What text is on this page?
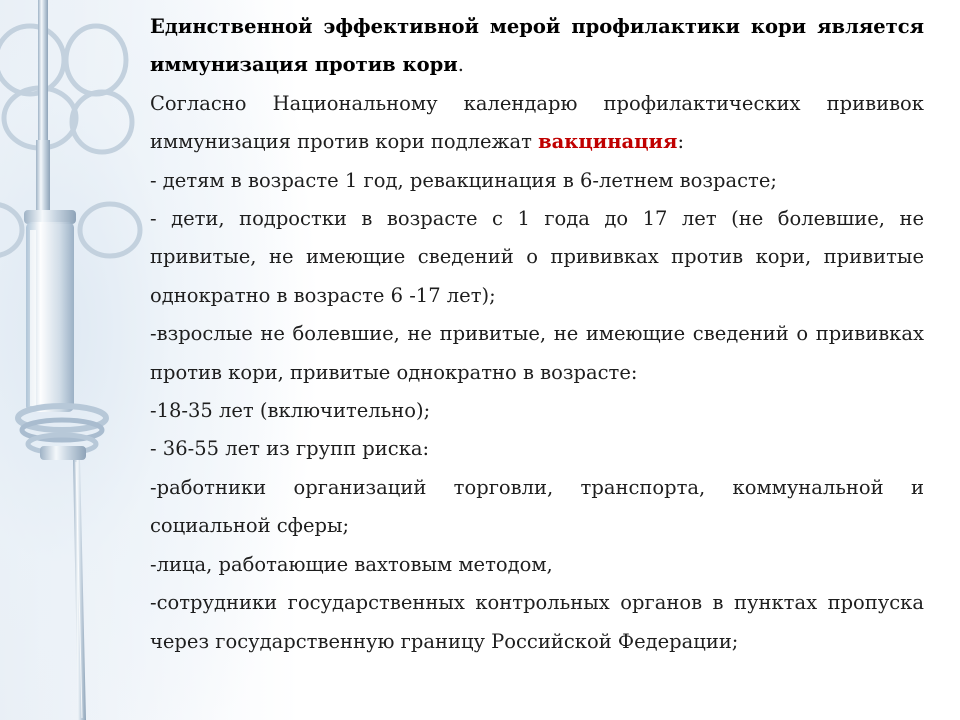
Единственной эффективной мерой профилактики кори является иммунизация против кори.

Согласно Национальному календарю профилактических прививок иммунизация против кори подлежат вакцинация:

- детям в возрасте 1 год, ревакцинация в 6-летнем возрасте;

- дети, подростки в возрасте с 1 года до 17 лет (не болевшие, не привитые, не имеющие сведений о прививках против кори, привитые однократно в возрасте 6 -17 лет);

-взрослые не болевшие, не привитые, не имеющие сведений о прививках против кори, привитые однократно в возрасте:

-18-35 лет (включительно);

- 36-55 лет из групп риска:

-работники организаций торговли, транспорта, коммунальной и социальной сферы;

-лица, работающие вахтовым методом,

-сотрудники государственных контрольных органов в пунктах пропуска через государственную границу Российской Федерации;
